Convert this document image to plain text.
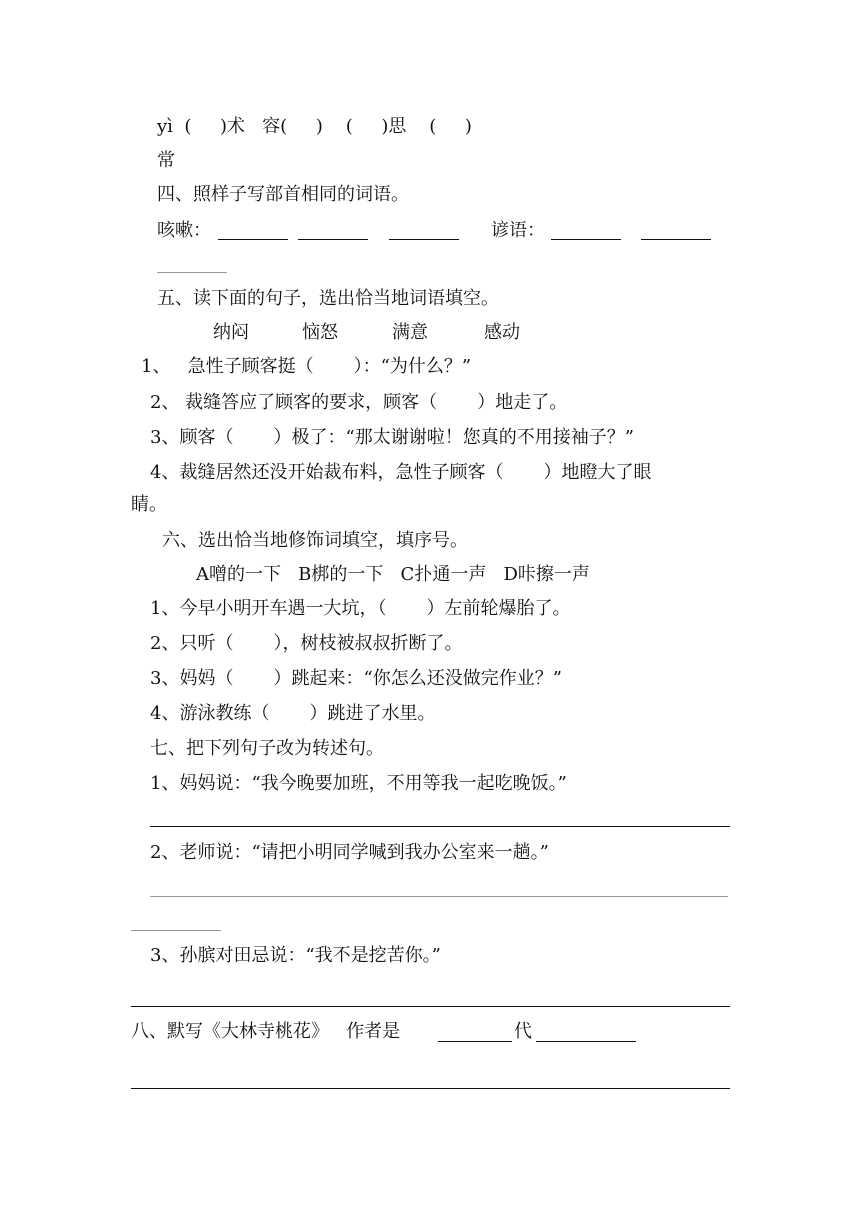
yì  (     )术   容(     )    (     )思    (     )
常
四、照样子写部首相同的词语。
咳嗽：	谚语：
五、读下面的句子，选出恰当地词语填空。
纳闷	恼怒	满意	感动
1、   急性子顾客挺（       ）：“为什么？”
2、 裁缝答应了顾客的要求，顾客（       ）地走了。
3、顾客（       ）极了：“那太谢谢啦！您真的不用接袖子？”
4、裁缝居然还没开始裁布料，急性子顾客（       ）地瞪大了眼
睛。
六、选出恰当地修饰词填空，填序号。
A噌的一下   B梆的一下   C扑通一声   D咔擦一声
1、今早小明开车遇一大坑，（       ）左前轮爆胎了。
2、只听（       ），树枝被叔叔折断了。
3、妈妈（       ）跳起来：“你怎么还没做完作业？”
4、游泳教练（       ）跳进了水里。
七、把下列句子改为转述句。
1、妈妈说：“我今晚要加班，不用等我一起吃晚饭。”
2、老师说：“请把小明同学喊到我办公室来一趟。”
3、孙膑对田忌说：“我不是挖苦你。”
八、默写《大林寺桃花》   作者是	代
